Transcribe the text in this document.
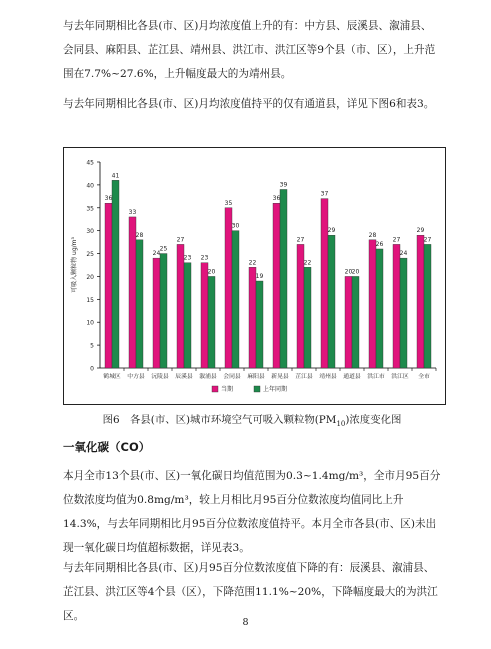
与去年同期相比各县(市、区)月均浓度值上升的有：中方县、辰溪县、溆浦县、会同县、麻阳县、芷江县、靖州县、洪江市、洪江区等9个县（市、区），上升范围在7.7%~27.6%，上升幅度最大的为靖州县。

与去年同期相比各县(市、区)月均浓度值持平的仅有通道县，详见下图6和表3。

0
5
10
15
20
25
30
35
40
45
可吸入颗粒物 ug/m³
36
41
鹤城区
33
28
中方县
24
25
沅陵县
27
23
辰溪县
23
20
溆浦县
35
30
会同县
22
19
麻阳县
36
39
新晃县
27
22
芷江县
37
29
靖州县
20 20
通道县
28
26
洪江市
27
24
洪江区
29
27
全市
当期	上年同期

图6　各县(市、区)城市环境空气可吸入颗粒物$(PM_{10})$浓度变化图

一氧化碳（CO）

本月全市13个县(市、区)一氧化碳日均值范围为0.3~1.4mg/m³，全市月95百分位数浓度均值为0.8mg/m³，较上月相比月95百分位数浓度均值同比上升14.3%，与去年同期相比月95百分位数浓度值持平。本月全市各县(市、区)未出现一氧化碳日均值超标数据，详见表3。

与去年同期相比各县(市、区)月95百分位数浓度值下降的有：辰溪县、溆浦县、芷江县、洪江区等4个县（区），下降范围11.1%~20%，下降幅度最大的为洪江区。

8
